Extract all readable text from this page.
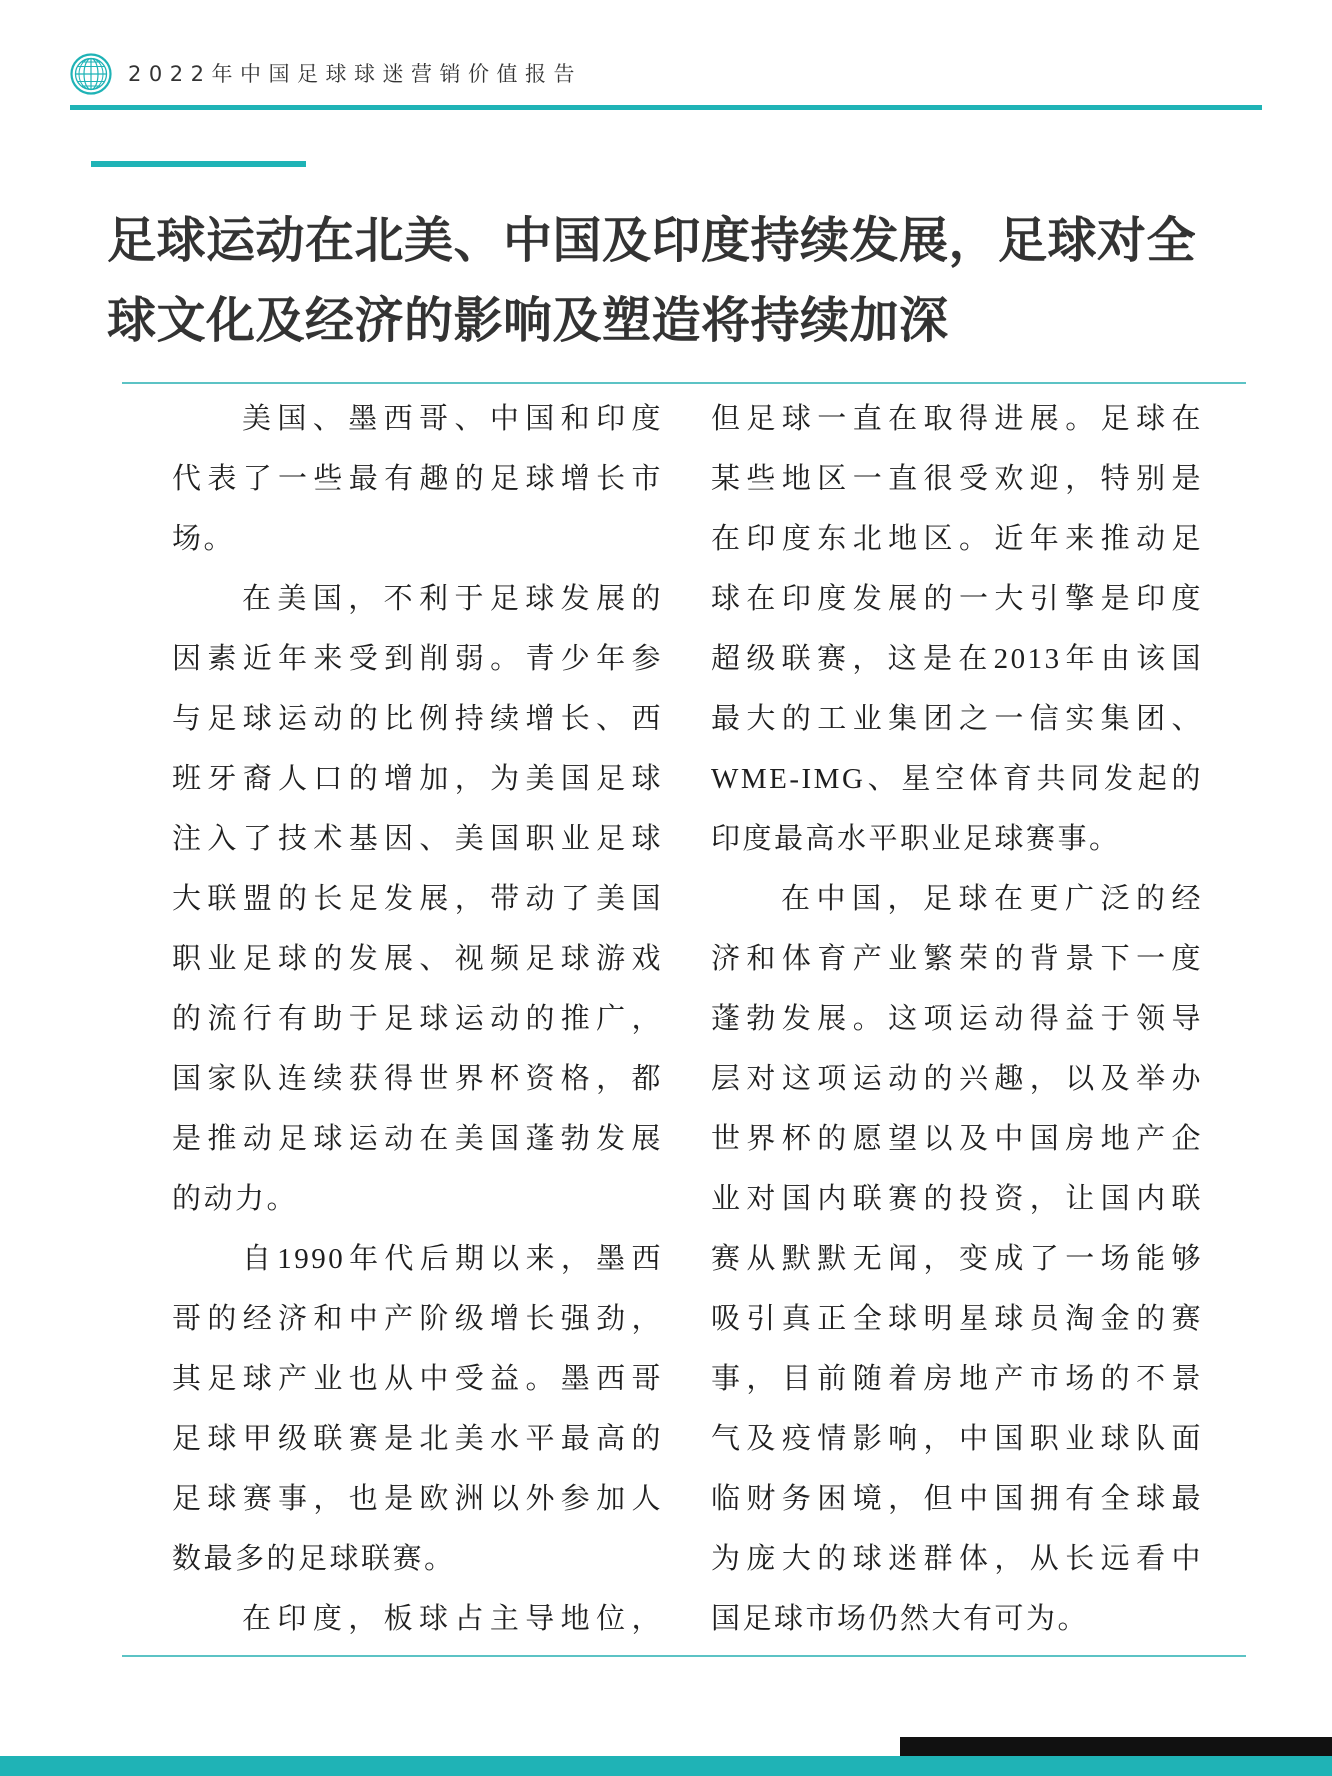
2022年中国足球球迷营销价值报告
足球运动在北美、中国及印度持续发展，足球对全
球文化及经济的影响及塑造将持续加深
美国、墨西哥、中国和印度
代表了一些最有趣的足球增长市
场。
在美国，不利于足球发展的
因素近年来受到削弱。青少年参
与足球运动的比例持续增长、西
班牙裔人口的增加，为美国足球
注入了技术基因、美国职业足球
大联盟的长足发展，带动了美国
职业足球的发展、视频足球游戏
的流行有助于足球运动的推广，
国家队连续获得世界杯资格，都
是推动足球运动在美国蓬勃发展
的动力。
自1990年代后期以来，墨西
哥的经济和中产阶级增长强劲，
其足球产业也从中受益。墨西哥
足球甲级联赛是北美水平最高的
足球赛事，也是欧洲以外参加人
数最多的足球联赛。
在印度，板球占主导地位，
但足球一直在取得进展。足球在
某些地区一直很受欢迎，特别是
在印度东北地区。近年来推动足
球在印度发展的一大引擎是印度
超级联赛，这是在2013年由该国
最大的工业集团之一信实集团、
WME-IMG、星空体育共同发起的
印度最高水平职业足球赛事。
在中国，足球在更广泛的经
济和体育产业繁荣的背景下一度
蓬勃发展。这项运动得益于领导
层对这项运动的兴趣，以及举办
世界杯的愿望以及中国房地产企
业对国内联赛的投资，让国内联
赛从默默无闻，变成了一场能够
吸引真正全球明星球员淘金的赛
事，目前随着房地产市场的不景
气及疫情影响，中国职业球队面
临财务困境，但中国拥有全球最
为庞大的球迷群体，从长远看中
国足球市场仍然大有可为。
